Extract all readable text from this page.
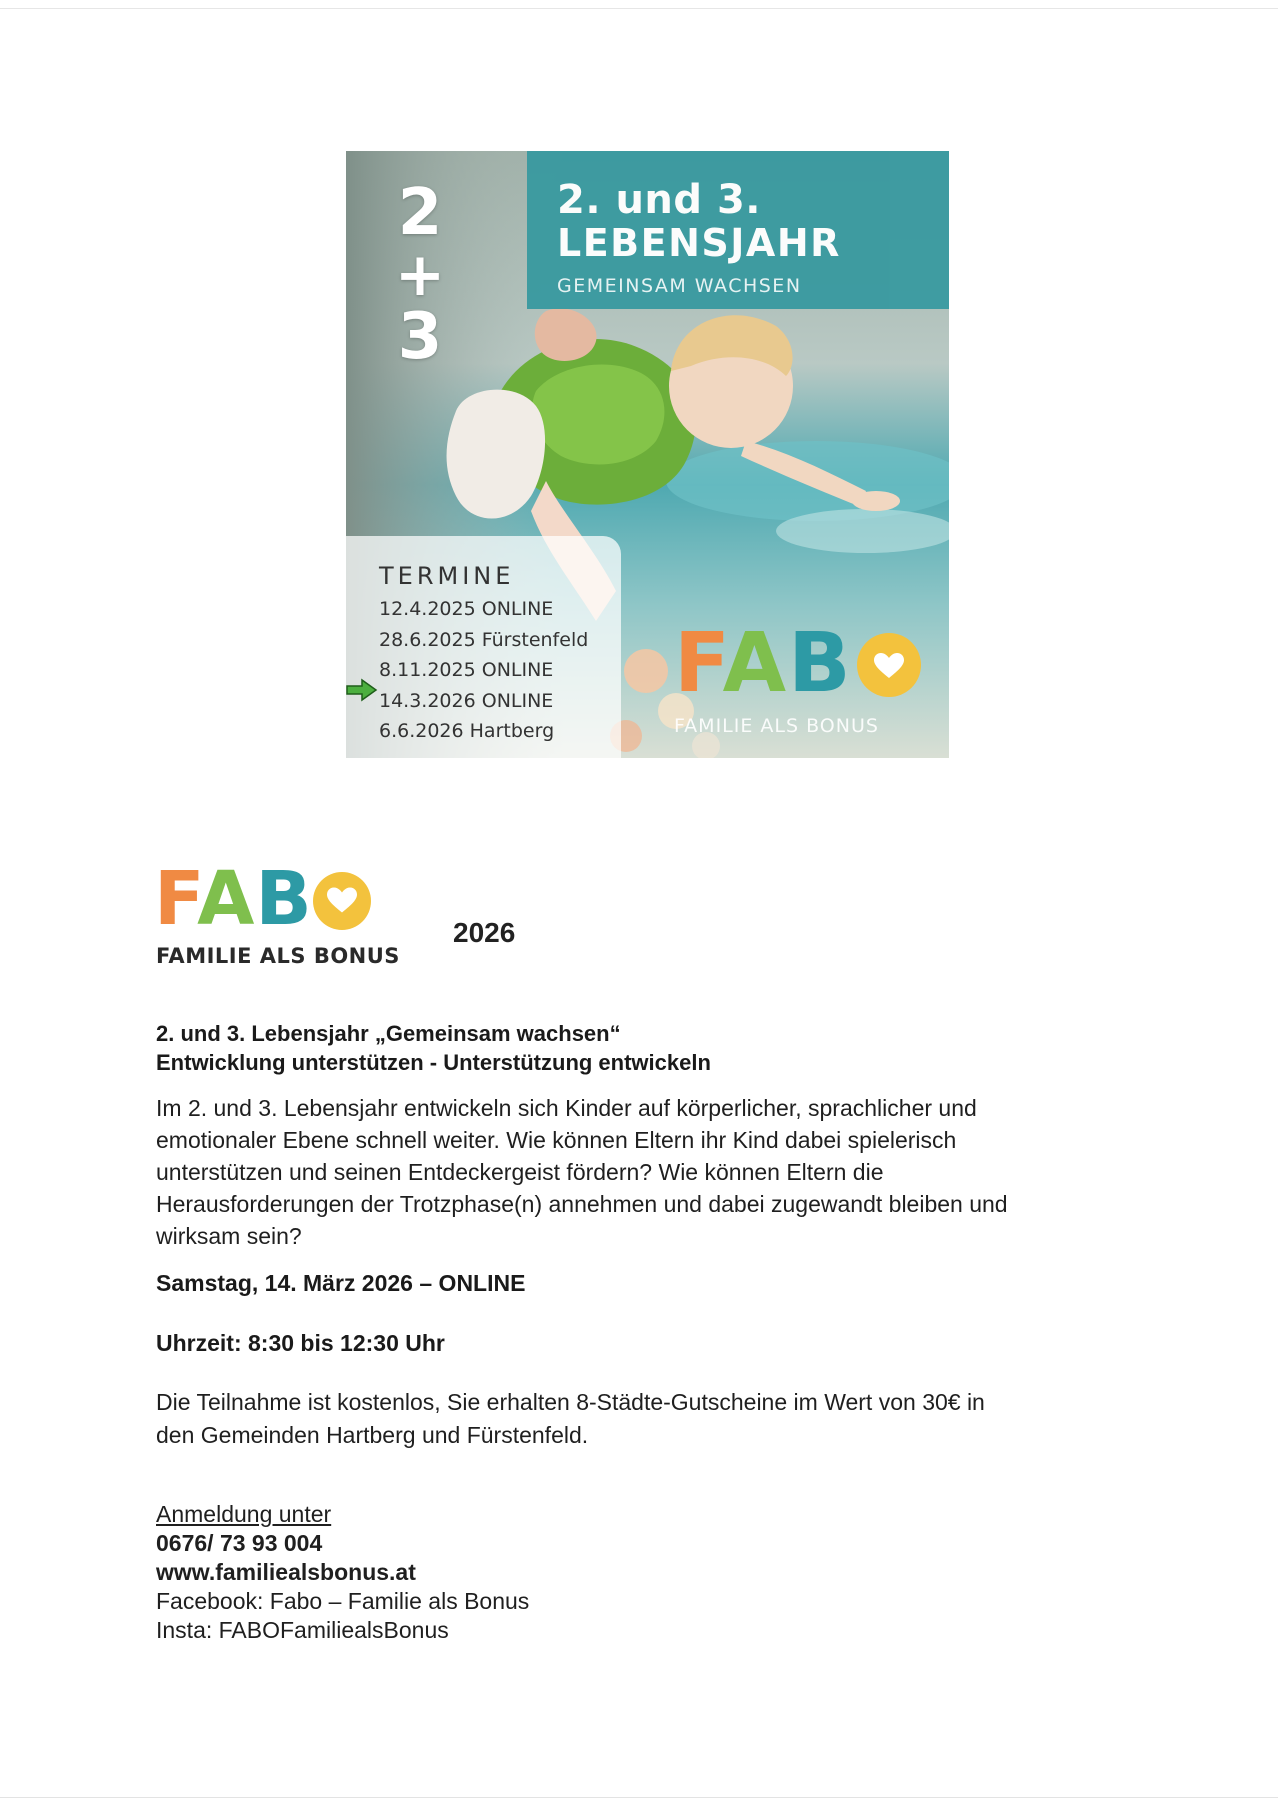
2
+
3
2. und 3.
LEBENSJAHR
GEMEINSAM WACHSEN
TERMINE
12.4.2025 ONLINE
28.6.2025 Fürstenfeld
8.11.2025 ONLINE
14.3.2026 ONLINE
6.6.2026 Hartberg
FAB
FAMILIE ALS BONUS
FAB
FAMILIE ALS BONUS
2026
2. und 3. Lebensjahr „Gemeinsam wachsen“
Entwicklung unterstützen - Unterstützung entwickeln
Im 2. und 3. Lebensjahr entwickeln sich Kinder auf körperlicher, sprachlicher und
emotionaler Ebene schnell weiter. Wie können Eltern ihr Kind dabei spielerisch
unterstützen und seinen Entdeckergeist fördern? Wie können Eltern die
Herausforderungen der Trotzphase(n) annehmen und dabei zugewandt bleiben und
wirksam sein?
Samstag, 14. März 2026 – ONLINE
Uhrzeit: 8:30 bis 12:30 Uhr
Die Teilnahme ist kostenlos, Sie erhalten 8-Städte-Gutscheine im Wert von 30€ in
den Gemeinden Hartberg und Fürstenfeld.
Anmeldung unter
0676/ 73 93 004
www.familiealsbonus.at
Facebook: Fabo – Familie als Bonus
Insta: FABOFamiliealsBonus
